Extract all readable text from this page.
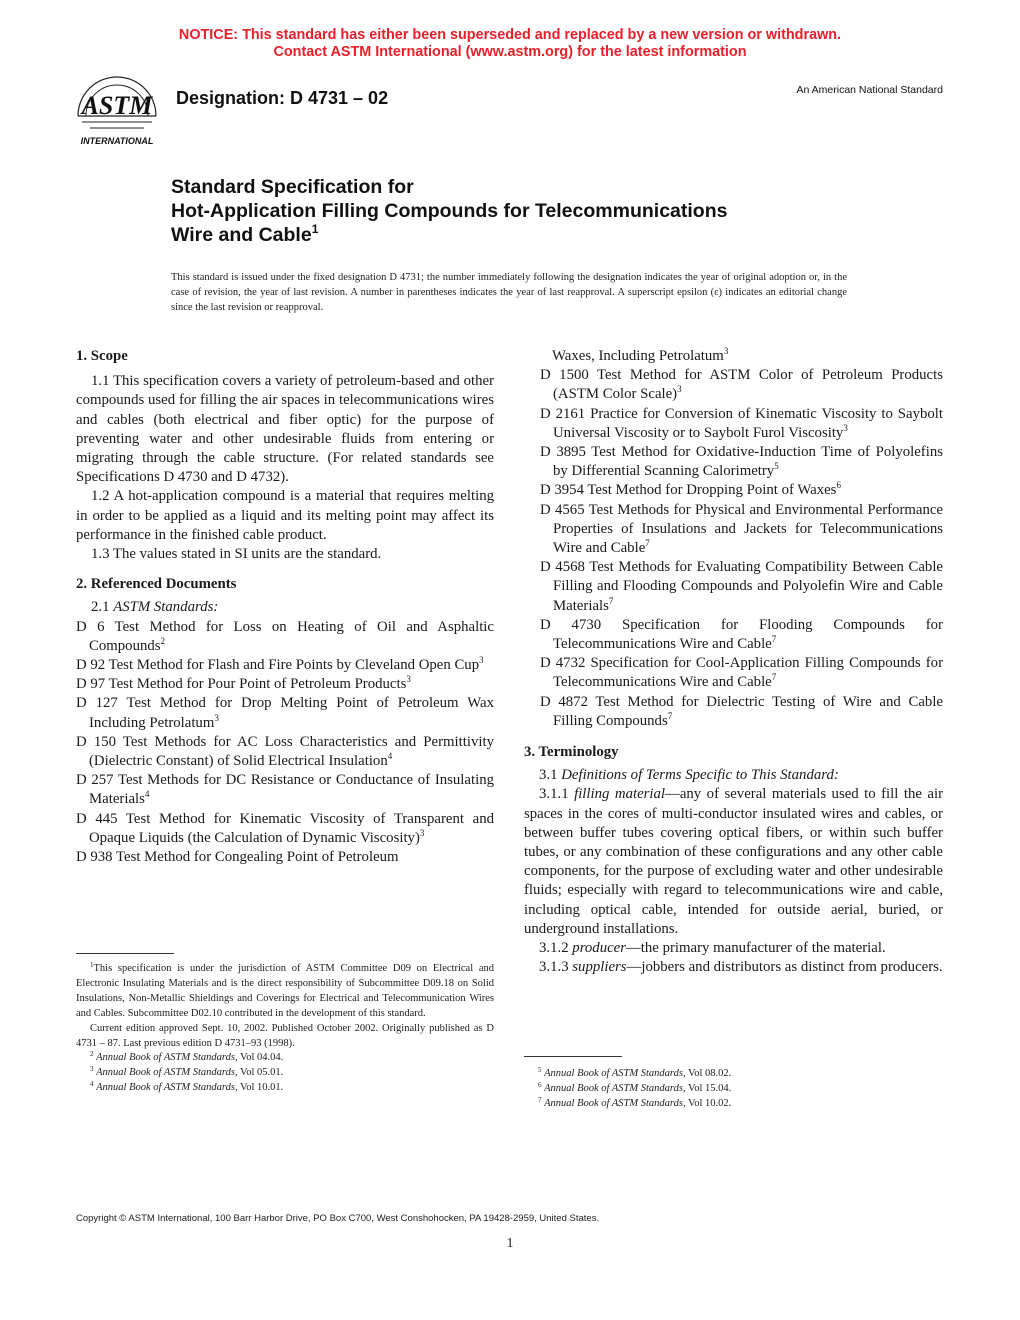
NOTICE: This standard has either been superseded and replaced by a new version or withdrawn.
Contact ASTM International (www.astm.org) for the latest information
ASTM
INTERNATIONAL
Designation: D 4731 – 02	An American National Standard
Standard Specification for
Hot-Application Filling Compounds for Telecommunications
Wire and Cable$^1$
This standard is issued under the fixed designation D 4731; the number immediately following the designation indicates the year of original adoption or, in the case of revision, the year of last revision. A number in parentheses indicates the year of last reapproval. A superscript epsilon (ε) indicates an editorial change since the last revision or reapproval.

1. Scope

1.1 This specification covers a variety of petroleum-based and other compounds used for filling the air spaces in telecommunications wires and cables (both electrical and fiber optic) for the purpose of preventing water and other undesirable fluids from entering or migrating through the cable structure. (For related standards see Specifications D 4730 and D 4732).

1.2 A hot-application compound is a material that requires melting in order to be applied as a liquid and its melting point may affect its performance in the finished cable product.

1.3 The values stated in SI units are the standard.

2. Referenced Documents

2.1 ASTM Standards:

D 6 Test Method for Loss on Heating of Oil and Asphaltic Compounds$^2$

D 92 Test Method for Flash and Fire Points by Cleveland Open Cup$^3$

D 97 Test Method for Pour Point of Petroleum Products$^3$

D 127 Test Method for Drop Melting Point of Petroleum Wax Including Petrolatum$^3$

D 150 Test Methods for AC Loss Characteristics and Permittivity (Dielectric Constant) of Solid Electrical Insulation$^4$

D 257 Test Methods for DC Resistance or Conductance of Insulating Materials$^4$

D 445 Test Method for Kinematic Viscosity of Transparent and Opaque Liquids (the Calculation of Dynamic Viscosity)$^3$

D 938 Test Method for Congealing Point of Petroleum

Waxes, Including Petrolatum$^3$

D 1500 Test Method for ASTM Color of Petroleum Products (ASTM Color Scale)$^3$

D 2161 Practice for Conversion of Kinematic Viscosity to Saybolt Universal Viscosity or to Saybolt Furol Viscosity$^3$

D 3895 Test Method for Oxidative-Induction Time of Polyolefins by Differential Scanning Calorimetry$^5$

D 3954 Test Method for Dropping Point of Waxes$^6$

D 4565 Test Methods for Physical and Environmental Performance Properties of Insulations and Jackets for Telecommunications Wire and Cable$^7$

D 4568 Test Methods for Evaluating Compatibility Between Cable Filling and Flooding Compounds and Polyolefin Wire and Cable Materials$^7$

D 4730 Specification for Flooding Compounds for Telecommunications Wire and Cable$^7$

D 4732 Specification for Cool-Application Filling Compounds for Telecommunications Wire and Cable$^7$

D 4872 Test Method for Dielectric Testing of Wire and Cable Filling Compounds$^7$

3. Terminology

3.1 Definitions of Terms Specific to This Standard:

3.1.1 filling material—any of several materials used to fill the air spaces in the cores of multi-conductor insulated wires and cables, or between buffer tubes covering optical fibers, or within such buffer tubes, or any combination of these configurations and any other cable components, for the purpose of excluding water and other undesirable fluids; especially with regard to telecommunications wire and cable, including optical cable, intended for outside aerial, buried, or underground installations.

3.1.2 producer—the primary manufacturer of the material.

3.1.3 suppliers—jobbers and distributors as distinct from producers.

$^1$This specification is under the jurisdiction of ASTM Committee D09 on Electrical and Electronic Insulating Materials and is the direct responsibility of Subcommittee D09.18 on Solid Insulations, Non-Metallic Shieldings and Coverings for Electrical and Telecommunication Wires and Cables. Subcommittee D02.10 contributed in the development of this standard.

Current edition approved Sept. 10, 2002. Published October 2002. Originally published as D 4731 – 87. Last previous edition D 4731–93 (1998).

$^2$ Annual Book of ASTM Standards, Vol 04.04.

$^3$ Annual Book of ASTM Standards, Vol 05.01.

$^4$ Annual Book of ASTM Standards, Vol 10.01.

$^5$ Annual Book of ASTM Standards, Vol 08.02.

$^6$ Annual Book of ASTM Standards, Vol 15.04.

$^7$ Annual Book of ASTM Standards, Vol 10.02.

Copyright © ASTM International, 100 Barr Harbor Drive, PO Box C700, West Conshohocken, PA 19428-2959, United States.
1
